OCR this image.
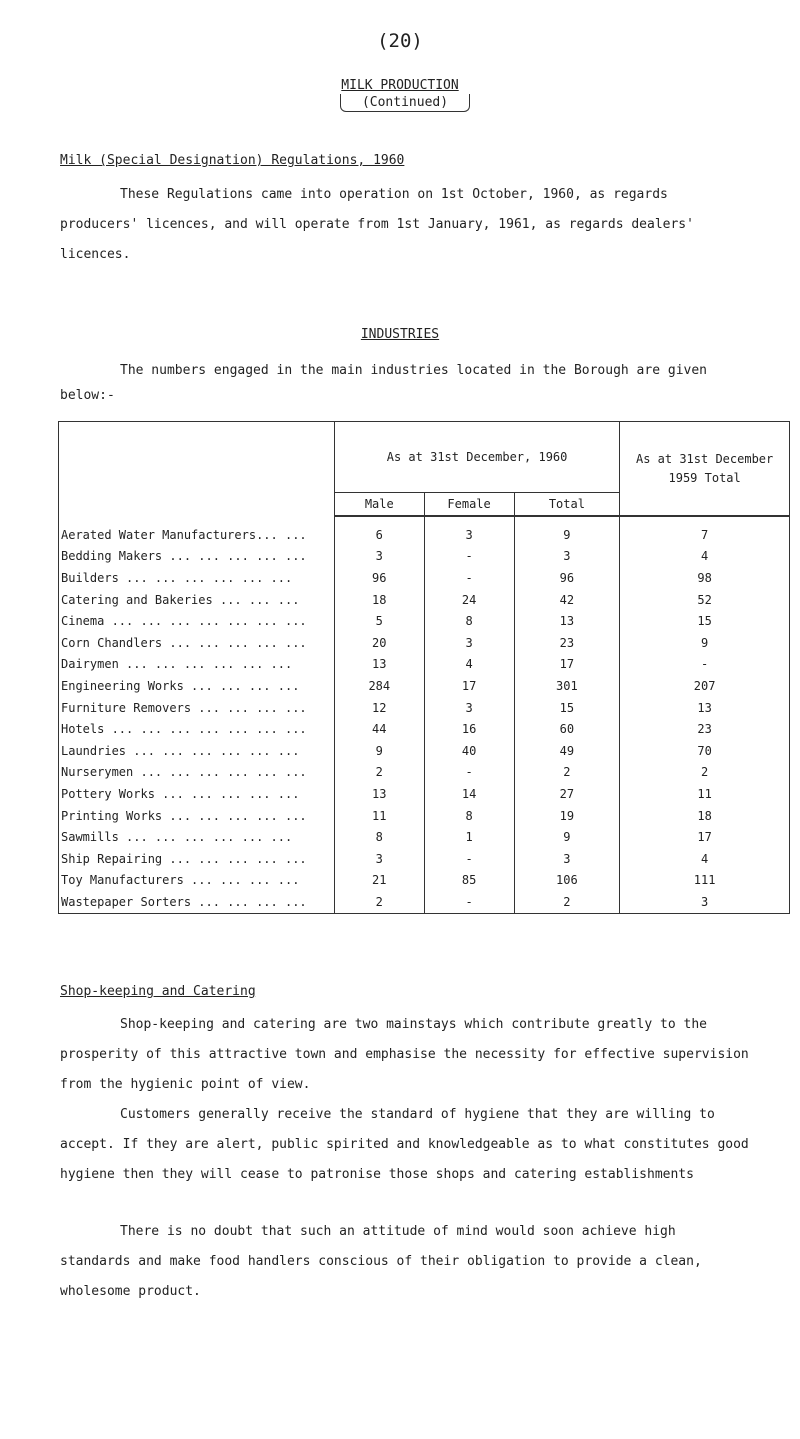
(20)
MILK PRODUCTION
(Continued)
Milk (Special Designation) Regulations, 1960
These Regulations came into operation on 1st October, 1960, as regards producers' licences, and will operate from 1st January, 1961, as regards dealers' licences.
INDUSTRIES
The numbers engaged in the main industries located in the Borough are given below:-
	As at 31st December, 1960			As at 31st December 1959 Total
	Male	Female	Total	
Aerated Water Manufacturers... ...	6	3	9	7
Bedding Makers ... ... ... ... ...	3	-	3	4
Builders ... ... ... ... ... ...	96	-	96	98
Catering and Bakeries ... ... ...	18	24	42	52
Cinema ... ... ... ... ... ... ...	5	8	13	15
Corn Chandlers ... ... ... ... ...	20	3	23	9
Dairymen ... ... ... ... ... ...	13	4	17	-
Engineering Works ... ... ... ...	284	17	301	207
Furniture Removers ... ... ... ...	12	3	15	13
Hotels ... ... ... ... ... ... ...	44	16	60	23
Laundries ... ... ... ... ... ...	9	40	49	70
Nurserymen ... ... ... ... ... ...	2	-	2	2
Pottery Works ... ... ... ... ...	13	14	27	11
Printing Works ... ... ... ... ...	11	8	19	18
Sawmills ... ... ... ... ... ...	8	1	9	17
Ship Repairing ... ... ... ... ...	3	-	3	4
Toy Manufacturers ... ... ... ...	21	85	106	111
Wastepaper Sorters ... ... ... ...	2	-	2	3
Shop-keeping and Catering
Shop-keeping and catering are two mainstays which contribute greatly to the prosperity of this attractive town and emphasise the necessity for effective supervision from the hygienic point of view.
Customers generally receive the standard of hygiene that they are willing to accept. If they are alert, public spirited and knowledgeable as to what constitutes good hygiene then they will cease to patronise those shops and catering establishments
There is no doubt that such an attitude of mind would soon achieve high standards and make food handlers conscious of their obligation to provide a clean, wholesome product.
